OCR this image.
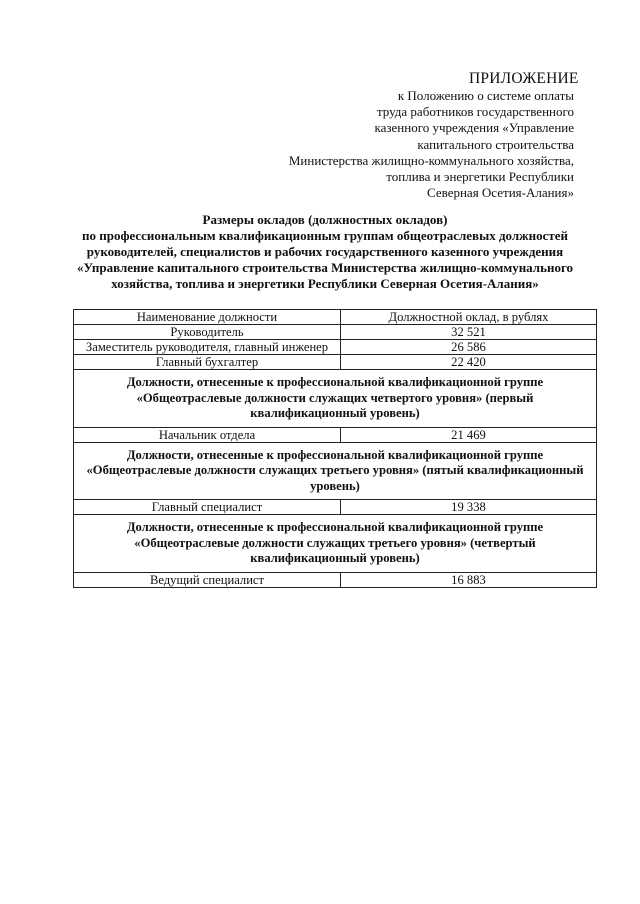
ПРИЛОЖЕНИЕ
к Положению о системе оплаты
труда работников государственного
казенного учреждения «Управление
капитального строительства
Министерства жилищно-коммунального хозяйства,
топлива и энергетики Республики
Северная Осетия-Алания»
Размеры окладов (должностных окладов)
по профессиональным квалификационным группам общеотраслевых должностей
руководителей, специалистов и рабочих государственного казенного учреждения
«Управление капитального строительства Министерства жилищно-коммунального
хозяйства, топлива и энергетики Республики Северная Осетия-Алания»
Наименование должности	Должностной оклад, в рублях
Руководитель	32 521
Заместитель руководителя, главный инженер	26 586
Главный бухгалтер	22 420
Должности, отнесенные к профессиональной квалификационной группе «Общеотраслевые должности служащих четвертого уровня» (первый квалификационный уровень)	
Начальник отдела	21 469
Должности, отнесенные к профессиональной квалификационной группе «Общеотраслевые должности служащих третьего уровня» (пятый квалификационный уровень)	
Главный специалист	19 338
Должности, отнесенные к профессиональной квалификационной группе «Общеотраслевые должности служащих третьего уровня» (четвертый квалификационный уровень)	
Ведущий специалист	16 883
